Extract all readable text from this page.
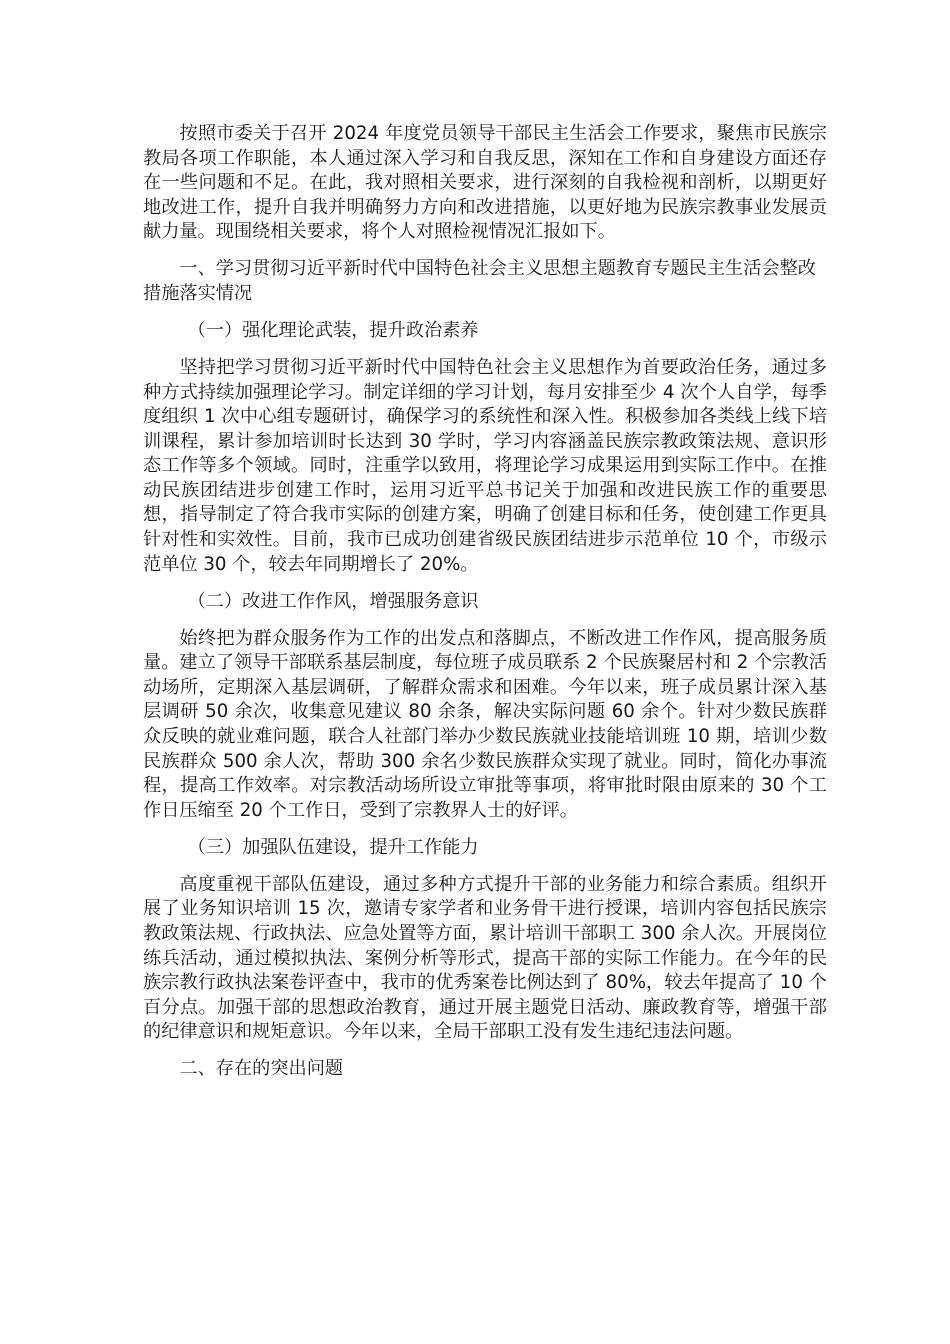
按照市委关于召开 2024 年度党员领导干部民主生活会工作要求，聚焦市民族宗教局各项工作职能，本人通过深入学习和自我反思，深知在工作和自身建设方面还存在一些问题和不足。在此，我对照相关要求，进行深刻的自我检视和剖析，以期更好地改进工作，提升自我并明确努力方向和改进措施，以更好地为民族宗教事业发展贡献力量。现围绕相关要求，将个人对照检视情况汇报如下。

一、学习贯彻习近平新时代中国特色社会主义思想主题教育专题民主生活会整改措施落实情况

（一）强化理论武装，提升政治素养

坚持把学习贯彻习近平新时代中国特色社会主义思想作为首要政治任务，通过多种方式持续加强理论学习。制定详细的学习计划，每月安排至少 4 次个人自学，每季度组织 1 次中心组专题研讨，确保学习的系统性和深入性。积极参加各类线上线下培训课程，累计参加培训时长达到 30 学时，学习内容涵盖民族宗教政策法规、意识形态工作等多个领域。同时，注重学以致用，将理论学习成果运用到实际工作中。在推动民族团结进步创建工作时，运用习近平总书记关于加强和改进民族工作的重要思想，指导制定了符合我市实际的创建方案，明确了创建目标和任务，使创建工作更具针对性和实效性。目前，我市已成功创建省级民族团结进步示范单位 10 个，市级示范单位 30 个，较去年同期增长了 20%。

（二）改进工作作风，增强服务意识

始终把为群众服务作为工作的出发点和落脚点，不断改进工作作风，提高服务质量。建立了领导干部联系基层制度，每位班子成员联系 2 个民族聚居村和 2 个宗教活动场所，定期深入基层调研，了解群众需求和困难。今年以来，班子成员累计深入基层调研 50 余次，收集意见建议 80 余条，解决实际问题 60 余个。针对少数民族群众反映的就业难问题，联合人社部门举办少数民族就业技能培训班 10 期，培训少数民族群众 500 余人次，帮助 300 余名少数民族群众实现了就业。同时，简化办事流程，提高工作效率。对宗教活动场所设立审批等事项，将审批时限由原来的 30 个工作日压缩至 20 个工作日，受到了宗教界人士的好评。

（三）加强队伍建设，提升工作能力

高度重视干部队伍建设，通过多种方式提升干部的业务能力和综合素质。组织开展了业务知识培训 15 次，邀请专家学者和业务骨干进行授课，培训内容包括民族宗教政策法规、行政执法、应急处置等方面，累计培训干部职工 300 余人次。开展岗位练兵活动，通过模拟执法、案例分析等形式，提高干部的实际工作能力。在今年的民族宗教行政执法案卷评查中，我市的优秀案卷比例达到了 80%，较去年提高了 10 个百分点。加强干部的思想政治教育，通过开展主题党日活动、廉政教育等，增强干部的纪律意识和规矩意识。今年以来，全局干部职工没有发生违纪违法问题。

二、存在的突出问题
